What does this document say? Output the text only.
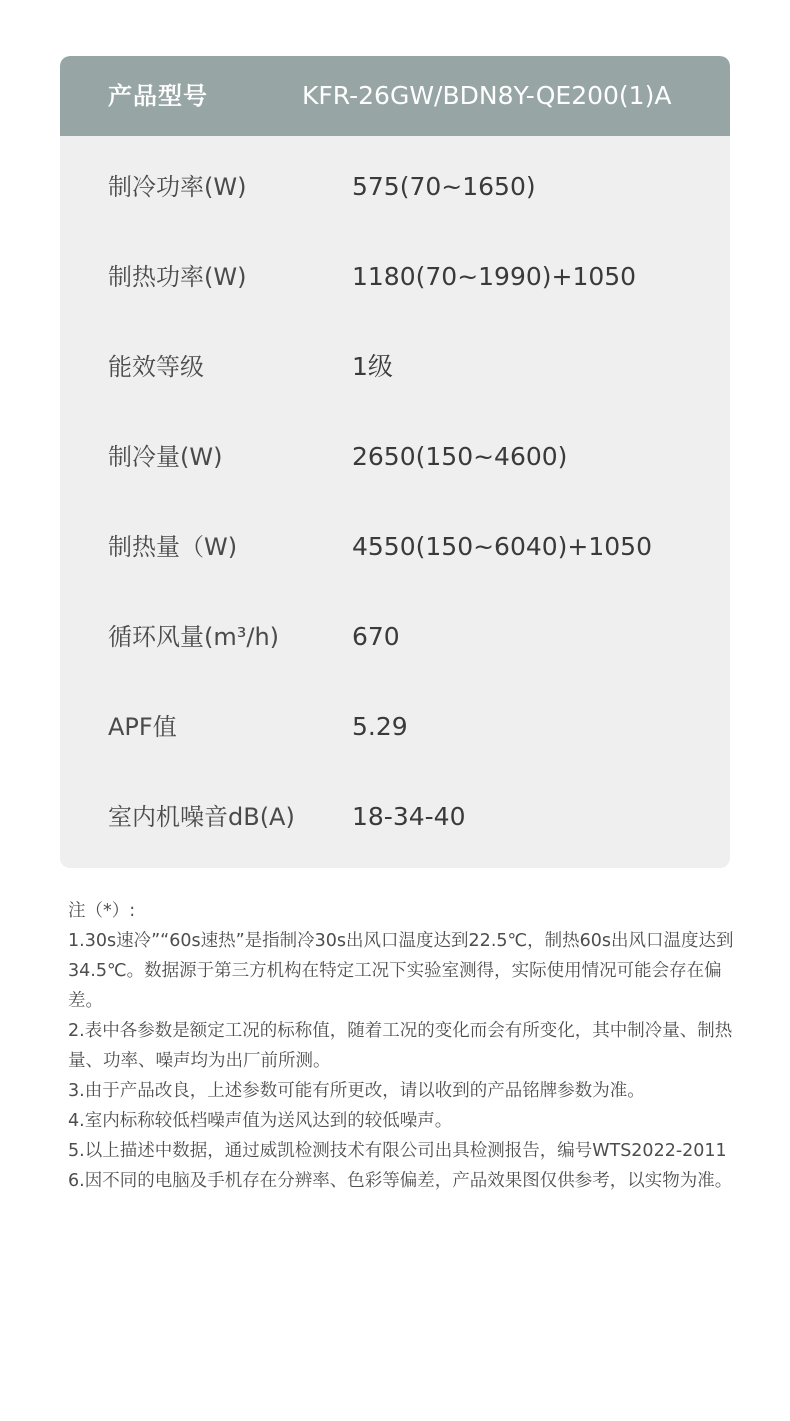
产品型号	KFR-26GW/BDN8Y-QE200(1)A
制冷功率(W)	575(70~1650)
制热功率(W)	1180(70~1990)+1050
能效等级	1级
制冷量(W)	2650(150~4600)
制热量（W)	4550(150~6040)+1050
循环风量(m³/h)	670
APF值	5.29
室内机噪音dB(A) 18-34-40

注（*）:

1.30s速冷”“60s速热”是指制冷30s出风口温度达到22.5℃，制热60s出风口温度达到34.5℃。数据源于第三方机构在特定工况下实验室测得，实际使用情况可能会存在偏差。

2.表中各参数是额定工况的标称值，随着工况的变化而会有所变化，其中制冷量、制热量、功率、噪声均为出厂前所测。

3.由于产品改良，上述参数可能有所更改，请以收到的产品铭牌参数为准。

4.室内标称较低档噪声值为送风达到的较低噪声。

5.以上描述中数据，通过威凯检测技术有限公司出具检测报告，编号WTS2022-2011

6.因不同的电脑及手机存在分辨率、色彩等偏差，产品效果图仅供参考，以实物为准。
